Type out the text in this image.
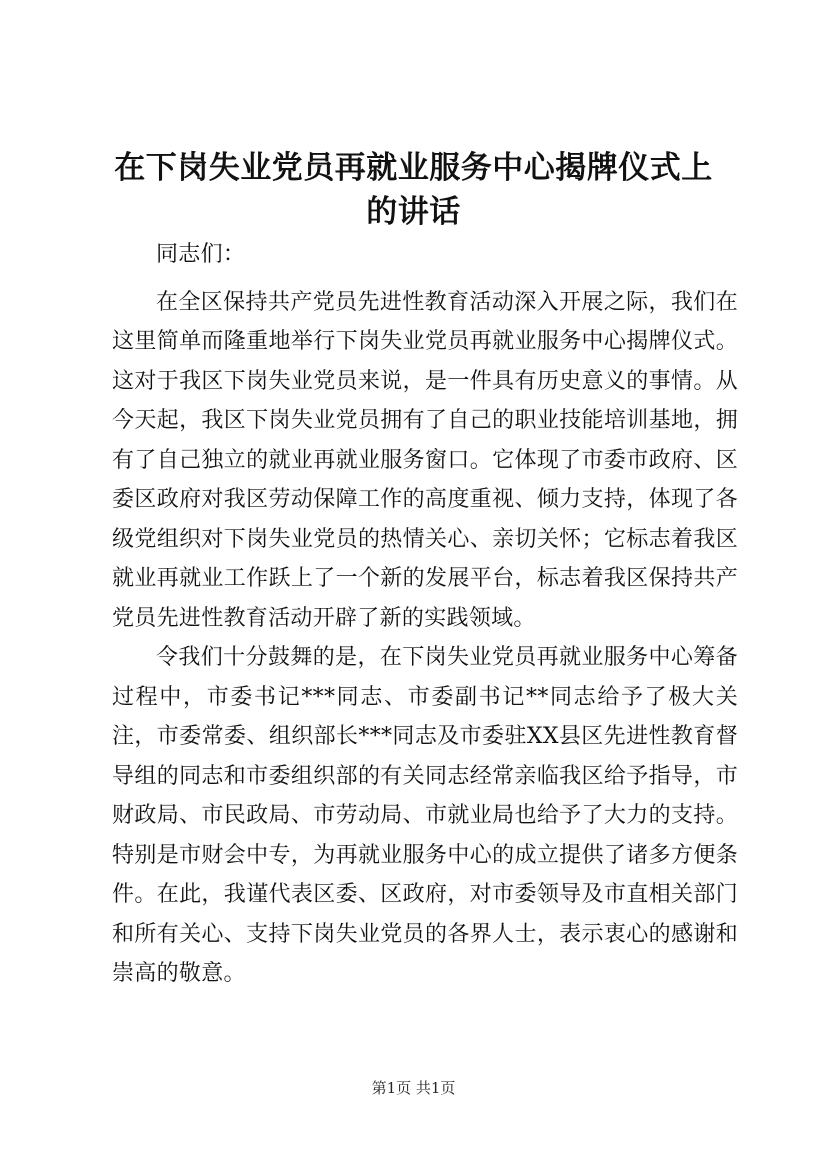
在下岗失业党员再就业服务中心揭牌仪式上的讲话

同志们：

在全区保持共产党员先进性教育活动深入开展之际，我们在这里简单而隆重地举行下岗失业党员再就业服务中心揭牌仪式。这对于我区下岗失业党员来说，是一件具有历史意义的事情。从今天起，我区下岗失业党员拥有了自己的职业技能培训基地，拥有了自己独立的就业再就业服务窗口。它体现了市委市政府、区委区政府对我区劳动保障工作的高度重视、倾力支持，体现了各级党组织对下岗失业党员的热情关心、亲切关怀；它标志着我区就业再就业工作跃上了一个新的发展平台，标志着我区保持共产党员先进性教育活动开辟了新的实践领域。

令我们十分鼓舞的是，在下岗失业党员再就业服务中心筹备过程中，市委书记***同志、市委副书记**同志给予了极大关注，市委常委、组织部长***同志及市委驻XX县区先进性教育督导组的同志和市委组织部的有关同志经常亲临我区给予指导，市财政局、市民政局、市劳动局、市就业局也给予了大力的支持。特别是市财会中专，为再就业服务中心的成立提供了诸多方便条件。在此，我谨代表区委、区政府，对市委领导及市直相关部门和所有关心、支持下岗失业党员的各界人士，表示衷心的感谢和崇高的敬意。

第1页 共1页
